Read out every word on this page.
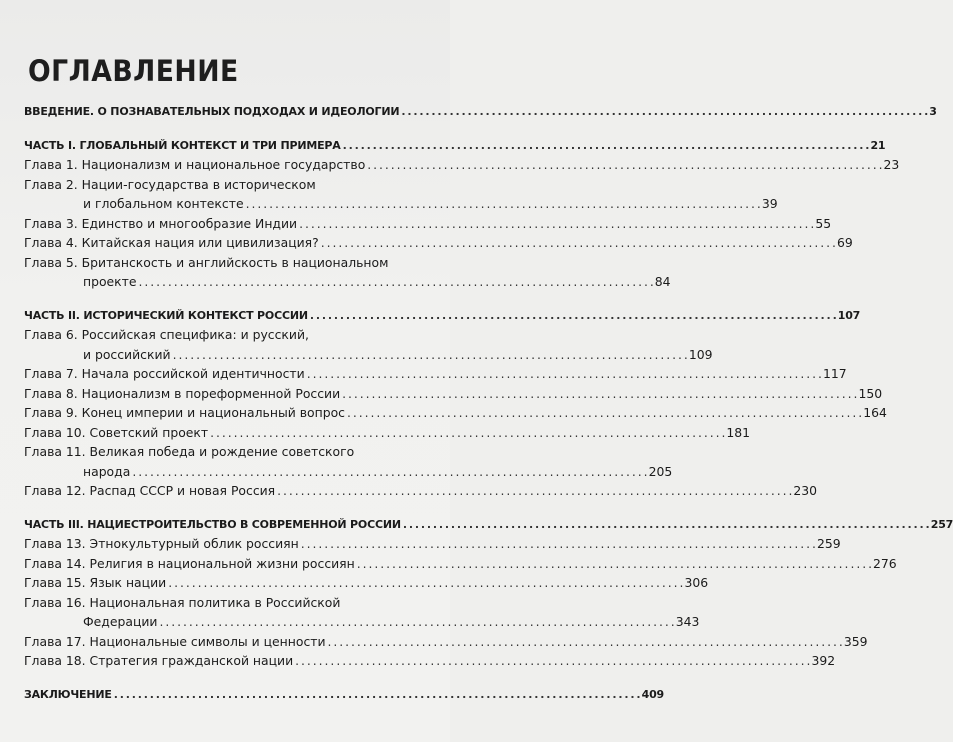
ОГЛАВЛЕНИЕ
ВВЕДЕНИЕ. О ПОЗНАВАТЕЛЬНЫХ ПОДХОДАХ И ИДЕОЛОГИИ . . .	3
ЧАСТЬ I. ГЛОБАЛЬНЫЙ КОНТЕКСТ И ТРИ ПРИМЕРА . . .	21
Глава 1. Национализм и национальное государство . . .	23
Глава 2. Нации-государства в историческом
и глобальном контексте . . .	39
Глава 3. Единство и многообразие Индии . . .	55
Глава 4. Китайская нация или цивилизация? . . .	69
Глава 5. Британскость и английскость в национальном
проекте . . .	84
ЧАСТЬ II. ИСТОРИЧЕСКИЙ КОНТЕКСТ РОССИИ . . .	107
Глава 6. Российская специфика: и русский,
и российский . . .	109
Глава 7. Начала российской идентичности . . .	117
Глава 8. Национализм в пореформенной России . . .	150
Глава 9. Конец империи и национальный вопрос . . .	164
Глава 10. Советский проект . . .	181
Глава 11. Великая победа и рождение советского
народа . . .	205
Глава 12. Распад СССР и новая Россия . . .	230
ЧАСТЬ III. НАЦИЕСТРОИТЕЛЬСТВО В СОВРЕМЕННОЙ РОССИИ . . .	257
Глава 13. Этнокультурный облик россиян . . .	259
Глава 14. Религия в национальной жизни россиян . . .	276
Глава 15. Язык нации . . .	306
Глава 16. Национальная политика в Российской
Федерации . . .	343
Глава 17. Национальные символы и ценности . . .	359
Глава 18. Стратегия гражданской нации . . .	392
ЗАКЛЮЧЕНИЕ . . .	409
